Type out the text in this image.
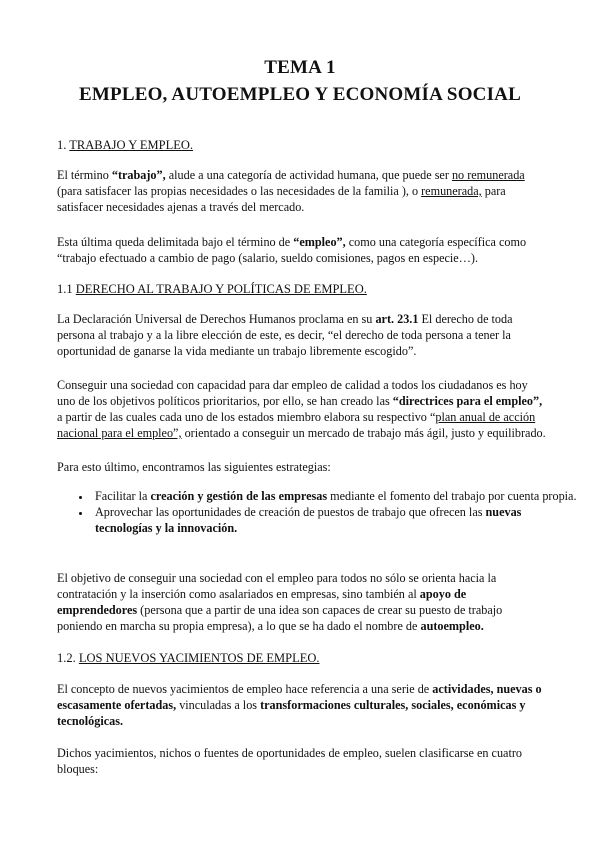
TEMA 1
EMPLEO, AUTOEMPLEO Y ECONOMÍA SOCIAL
1. TRABAJO Y EMPLEO.

El término “trabajo”, alude a una categoría de actividad humana, que puede ser no remunerada (para satisfacer las propias necesidades o las necesidades de la familia ), o remunerada, para satisfacer necesidades ajenas a través del mercado.

Esta última queda delimitada bajo el término de “empleo”, como una categoría específica como “trabajo efectuado a cambio de pago (salario, sueldo comisiones, pagos en especie…).

1.1 DERECHO AL TRABAJO Y POLÍTICAS DE EMPLEO.

La Declaración Universal de Derechos Humanos proclama en su art. 23.1 El derecho de toda persona al trabajo y a la libre elección de este, es decir, “el derecho de toda persona a tener la oportunidad de ganarse la vida mediante un trabajo libremente escogido”.

Conseguir una sociedad con capacidad para dar empleo de calidad a todos los ciudadanos es hoy uno de los objetivos políticos prioritarios, por ello, se han creado las “directrices para el empleo”, a partir de las cuales cada uno de los estados miembro elabora su respectivo “plan anual de acción nacional para el empleo”, orientado a conseguir un mercado de trabajo más ágil, justo y equilibrado.

Para esto último, encontramos las siguientes estrategias:

• Facilitar la creación y gestión de las empresas mediante el fomento del trabajo por cuenta propia.
• Aprovechar las oportunidades de creación de puestos de trabajo que ofrecen las nuevas tecnologías y la innovación.

El objetivo de conseguir una sociedad con el empleo para todos no sólo se orienta hacia la contratación y la inserción como asalariados en empresas, sino también al apoyo de emprendedores (persona que a partir de una idea son capaces de crear su puesto de trabajo poniendo en marcha su propia empresa), a lo que se ha dado el nombre de autoempleo.

1.2. LOS NUEVOS YACIMIENTOS DE EMPLEO.

El concepto de nuevos yacimientos de empleo hace referencia a una serie de actividades, nuevas o escasamente ofertadas, vinculadas a los transformaciones culturales, sociales, económicas y tecnológicas.

Dichos yacimientos, nichos o fuentes de oportunidades de empleo, suelen clasificarse en cuatro bloques:
